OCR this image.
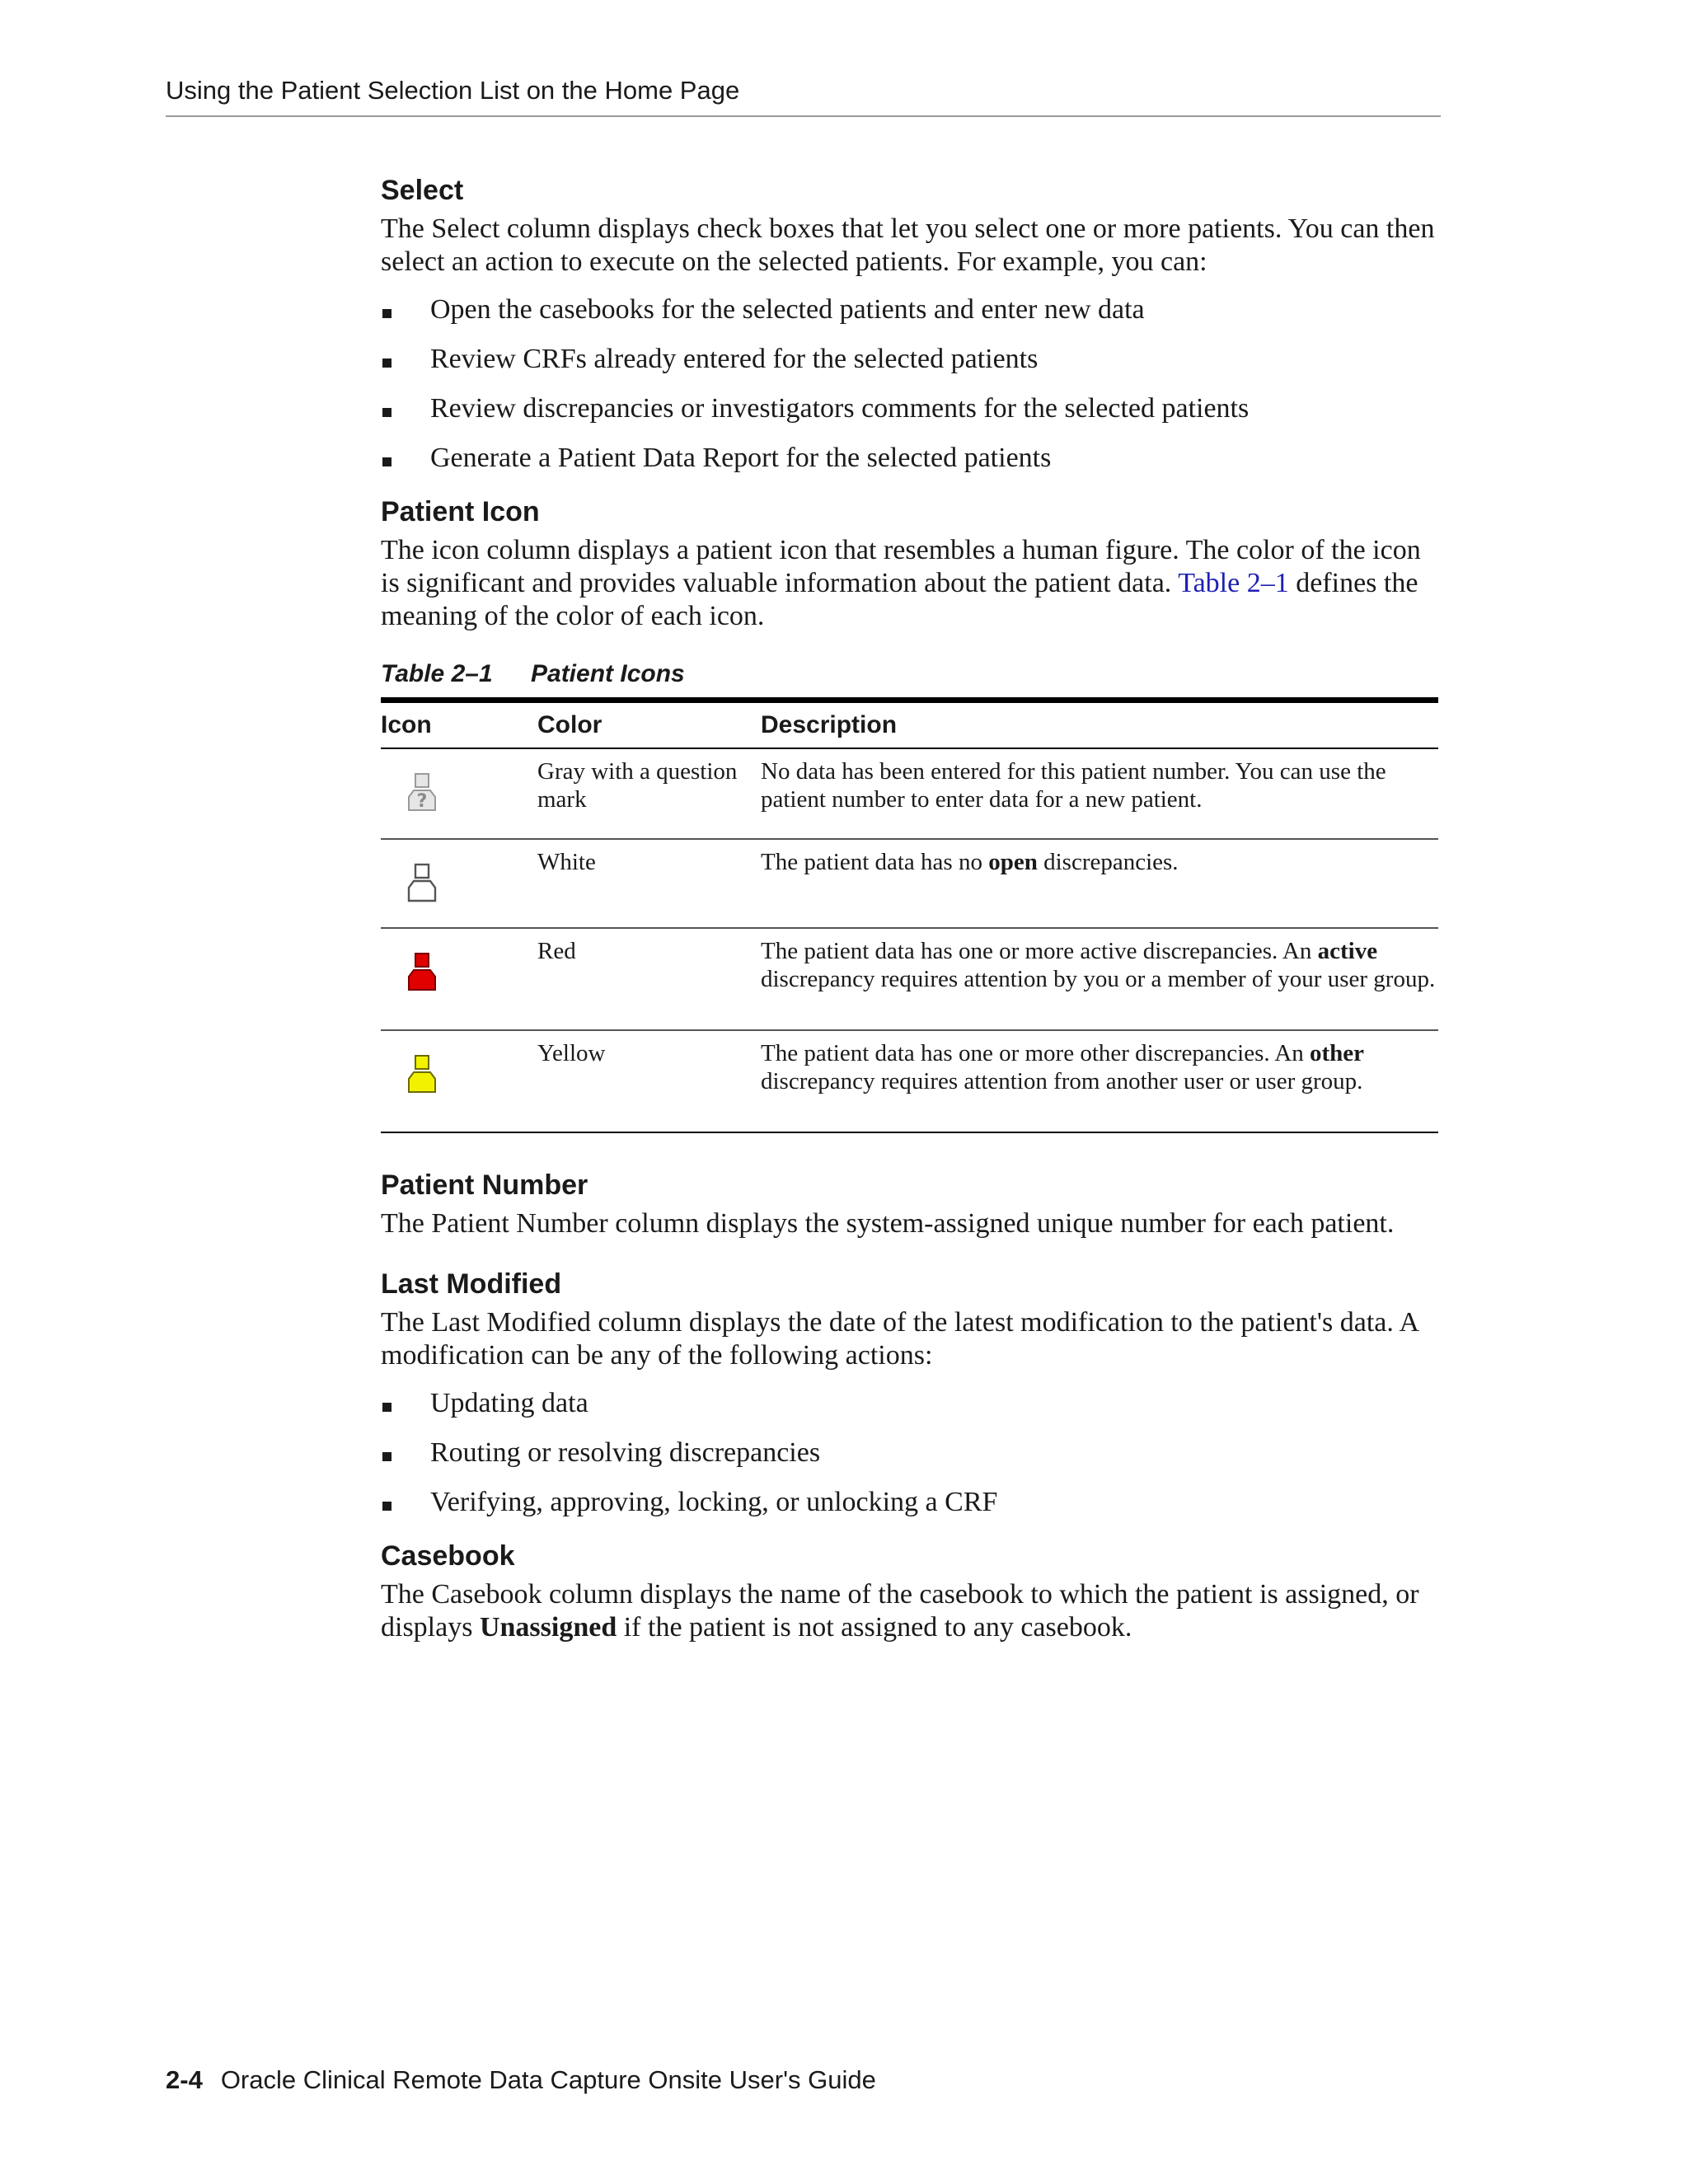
Using the Patient Selection List on the Home Page
Select

The Select column displays check boxes that let you select one or more patients. You can then select an action to execute on the selected patients. For example, you can:

Open the casebooks for the selected patients and enter new data
Review CRFs already entered for the selected patients
Review discrepancies or investigators comments for the selected patients
Generate a Patient Data Report for the selected patients
Patient Icon

The icon column displays a patient icon that resembles a human figure. The color of the icon is significant and provides valuable information about the patient data. Table 2–1 defines the meaning of the color of each icon.

Table 2–1 Patient Icons

Icon	Color	Description

?	Gray with a question mark	No data has been entered for this patient number. You can use the patient number to enter data for a new patient.

	White	The patient data has no open discrepancies.

	Red	The patient data has one or more active discrepancies. An active discrepancy requires attention by you or a member of your user group.

	Yellow	The patient data has one or more other discrepancies. An other discrepancy requires attention from another user or user group.
Patient Number

The Patient Number column displays the system-assigned unique number for each patient.

Last Modified

The Last Modified column displays the date of the latest modification to the patient's data. A modification can be any of the following actions:

Updating data
Routing or resolving discrepancies
Verifying, approving, locking, or unlocking a CRF
Casebook

The Casebook column displays the name of the casebook to which the patient is assigned, or displays Unassigned if the patient is not assigned to any casebook.

2-4 Oracle Clinical Remote Data Capture Onsite User's Guide
